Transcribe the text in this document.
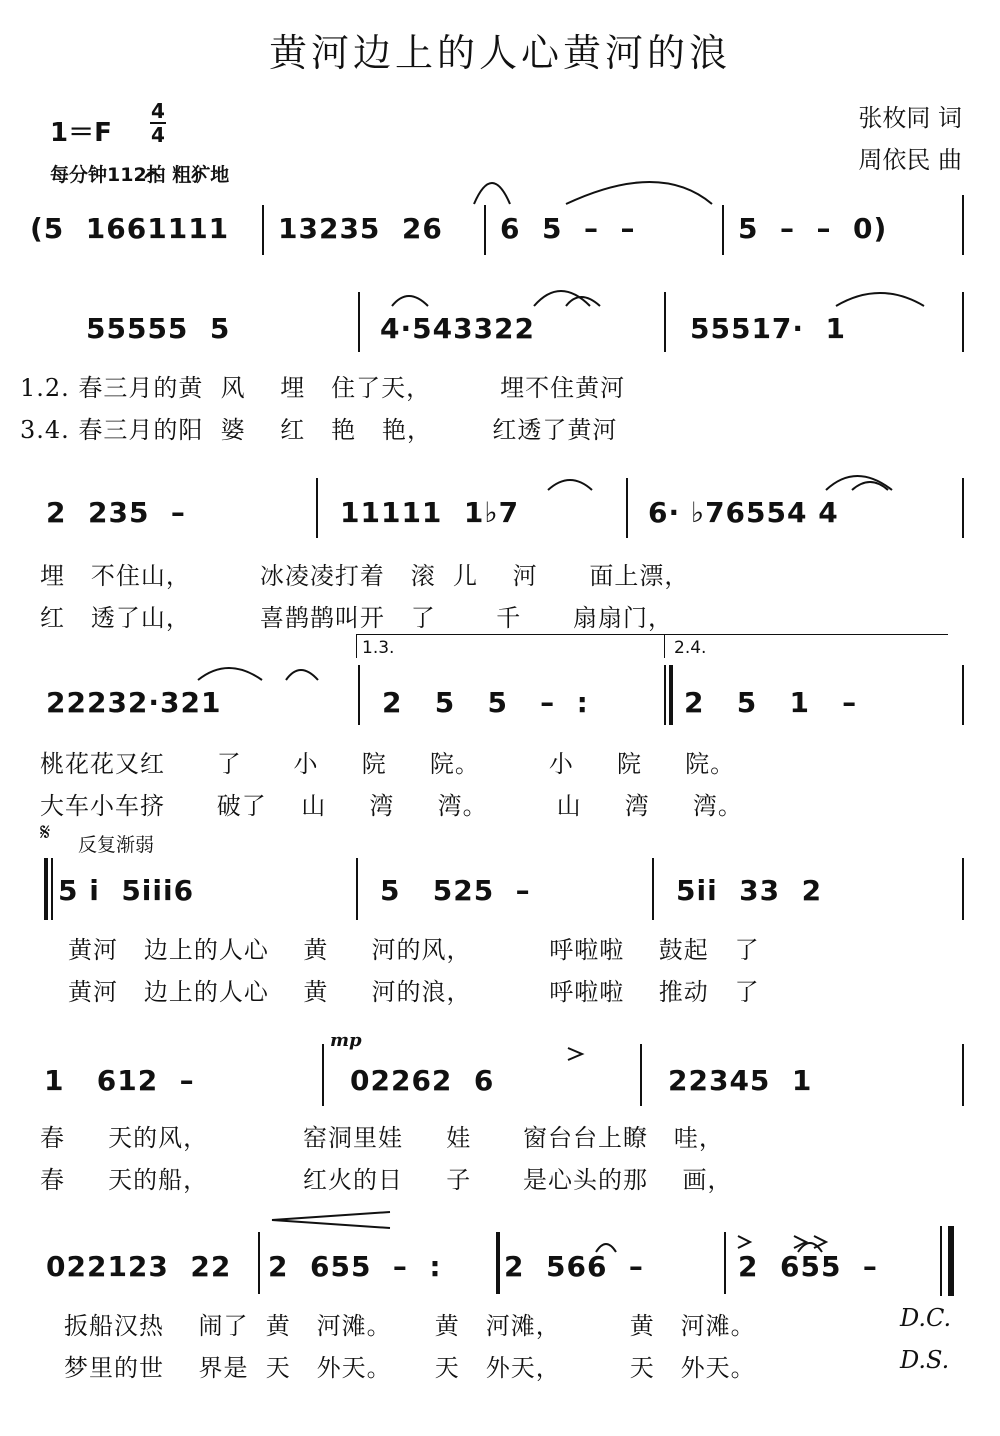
黄河边上的人心黄河的浪
1＝F
4
4
每分钟112拍 粗犷地
张枚同 词
周依民 曲
(5  1661111 13235  26 6  5  –  –	5  –  –  0)
55555  5	4·543322	55517·  1
1.2. 春三月的黄  风    埋   住了天，        埋不住黄河
3.4. 春三月的阳  婆    红   艳   艳，       红透了黄河
2  235  –	11111  1♭7	6· ♭76554 4
埋   不住山，        冰凌凌打着   滚  儿    河      面上漂，
红   透了山，        喜鹊鹊叫开   了       千      扇扇门，
1.3.	2.4.
22232·321	2   5   5   –  :	2   5   1   –
桃花花又红      了      小     院     院。        小     院     院。
大车小车挤      破了    山     湾     湾。        山     湾     湾。
𝄋 反复渐弱
5 i  5iii6	5   525  –	5ii  33  2
黄河   边上的人心    黄     河的风，         呼啦啦    鼓起   了
黄河   边上的人心    黄     河的浪，         呼啦啦    推动   了
mp
1   612  –	02262  6	22345  1
春     天的风，           窑洞里娃     娃      窗台台上瞭   哇，
春     天的船，           红火的日     子      是心头的那    画，
022123  22 2  655  –  : 2  566  –	2  655  –
扳船汉热    闹了  黄   河滩。     黄   河滩，        黄   河滩。
梦里的世    界是  天   外天。     天   外天，        天   外天。
D.C.
D.S.
